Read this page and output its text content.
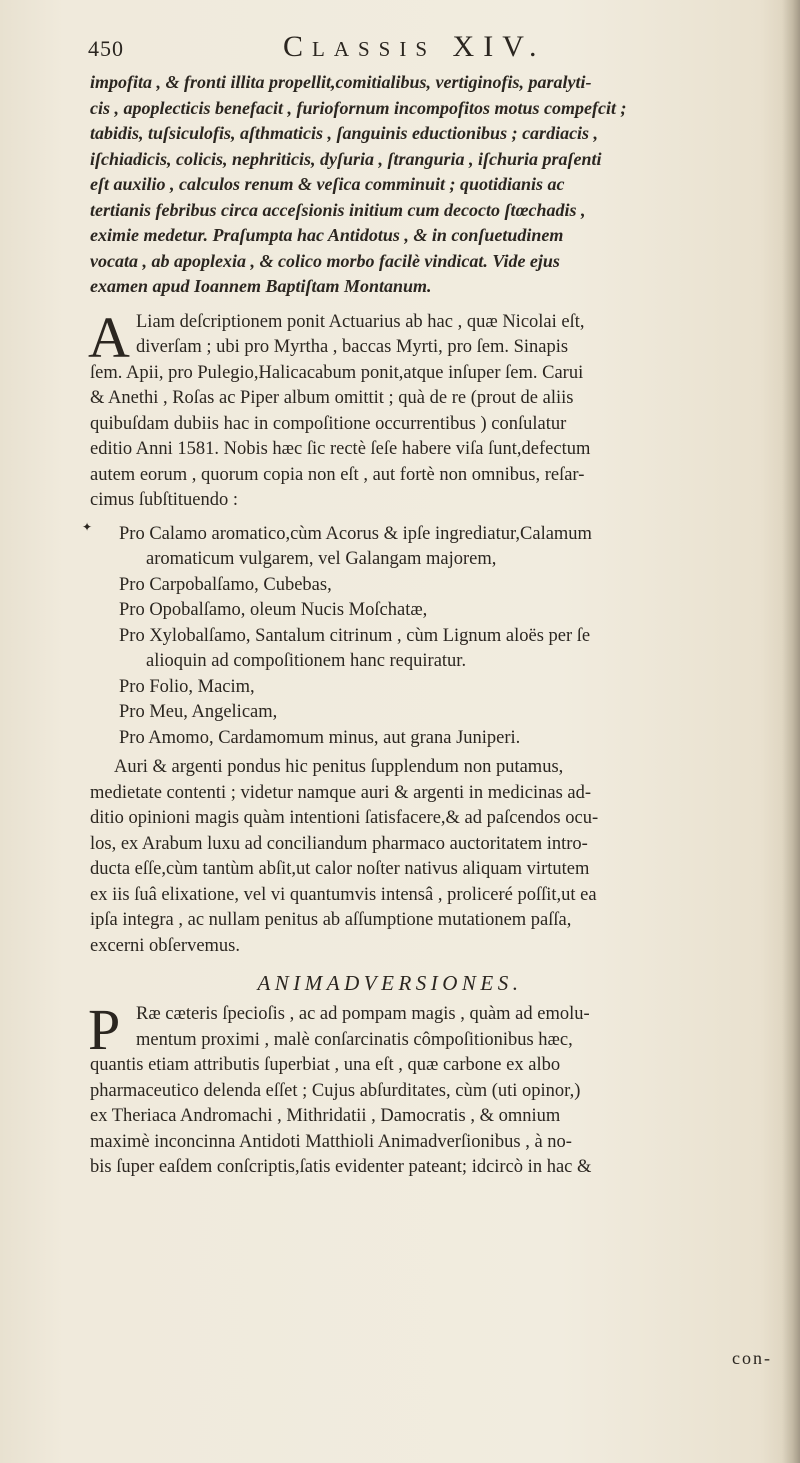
450	Classis XIV.

impofita , & fronti illita propellit,comitialibus, vertiginofis, paralyti-

cis , apoplecticis benefacit , furiofornum incompofitos motus compefcit ;

tabidis, tuſsiculofis, aſthmaticis , ſanguinis eductionibus ; cardiacis ,

iſchiadicis, colicis, nephriticis, dyſuria , ſtranguria , iſchuria praſenti

eſt auxilio , calculos renum & veſica comminuit ; quotidianis ac

tertianis febribus circa acceſsionis initium cum decocto ſtœchadis ,

eximie medetur. Praſumpta hac Antidotus , & in conſuetudinem

vocata , ab apoplexia , & colico morbo facilè vindicat. Vide ejus

examen apud Ioannem Baptiſtam Montanum.

A Liam deſcriptionem ponit Actuarius ab hac , quæ Nicolai eſt,

diverſam ; ubi pro Myrtha , baccas Myrti, pro ſem. Sinapis

ſem. Apii, pro Pulegio,Halicacabum ponit,atque inſuper ſem. Carui

& Anethi , Roſas ac Piper album omittit ; quà de re (prout de aliis

quibuſdam dubiis hac in compoſitione occurrentibus ) conſulatur

editio Anni 1581. Nobis hæc ſic rectè ſeſe habere viſa ſunt,defectum

autem eorum , quorum copia non eſt , aut fortè non omnibus, reſar-

cimus ſubſtituendo :

✦	Pro Calamo aromatico,cùm Acorus & ipſe ingrediatur,Calamum

aromaticum vulgarem, vel Galangam majorem,

Pro Carpobalſamo, Cubebas,

Pro Opobalſamo, oleum Nucis Moſchatæ,

Pro Xylobalſamo, Santalum citrinum , cùm Lignum aloës per ſe

alioquin ad compoſitionem hanc requiratur.

Pro Folio, Macim,

Pro Meu, Angelicam,

Pro Amomo, Cardamomum minus, aut grana Juniperi.

Auri & argenti pondus hic penitus ſupplendum non putamus,

medietate contenti ; videtur namque auri & argenti in medicinas ad-

ditio opinioni magis quàm intentioni ſatisfacere,& ad paſcendos ocu-

los, ex Arabum luxu ad conciliandum pharmaco auctoritatem intro-

ducta eſſe,cùm tantùm abſit,ut calor noſter nativus aliquam virtutem

ex iis ſuâ elixatione, vel vi quantumvis intensâ , proliceré poſſit,ut ea

ipſa integra , ac nullam penitus ab aſſumptione mutationem paſſa,

excerni obſervemus.

ANIMADVERSIONES.

P Ræ cæteris ſpecioſis , ac ad pompam magis , quàm ad emolu-

mentum proximi , malè conſarcinatis cômpoſitionibus hæc,

quantis etiam attributis ſuperbiat , una eſt , quæ carbone ex albo

pharmaceutico delenda eſſet ; Cujus abſurditates, cùm (uti opinor,)

ex Theriaca Andromachi , Mithridatii , Damocratis , & omnium

maximè inconcinna Antidoti Matthioli Animadverſionibus , à no-

bis ſuper eaſdem conſcriptis,ſatis evidenter pateant; idcircò in hac &

con-
